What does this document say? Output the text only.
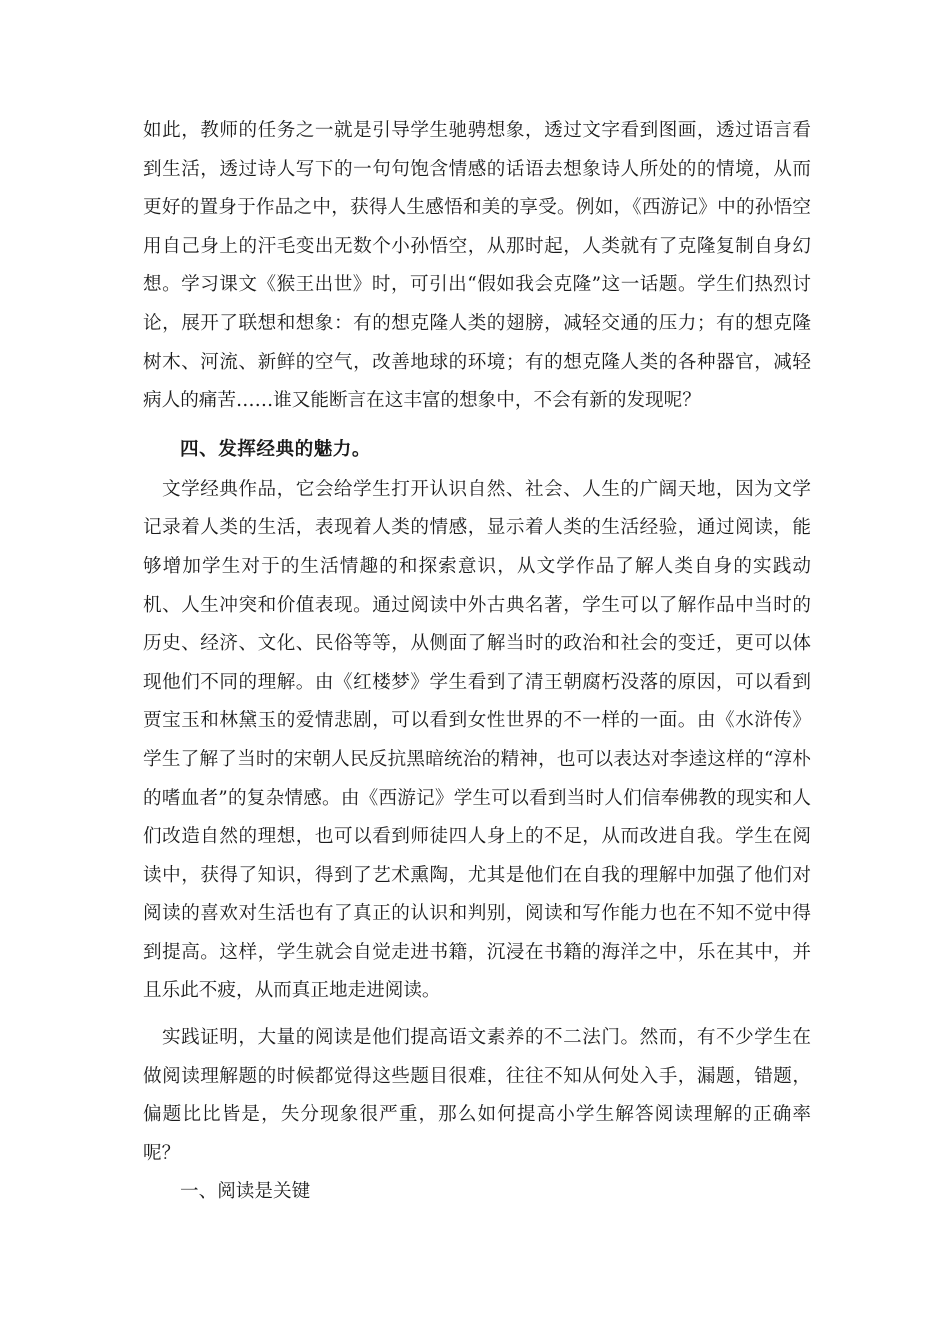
如此，教师的任务之一就是引导学生驰骋想象，透过文字看到图画，透过语言看到生活，透过诗人写下的一句句饱含情感的话语去想象诗人所处的的情境，从而更好的置身于作品之中，获得人生感悟和美的享受。例如，《西游记》中的孙悟空用自己身上的汗毛变出无数个小孙悟空，从那时起，人类就有了克隆复制自身幻想。学习课文《猴王出世》时，可引出“假如我会克隆”这一话题。学生们热烈讨论，展开了联想和想象：有的想克隆人类的翅膀，减轻交通的压力；有的想克隆树木、河流、新鲜的空气，改善地球的环境；有的想克隆人类的各种器官，减轻病人的痛苦……谁又能断言在这丰富的想象中，不会有新的发现呢？

四、发挥经典的魅力。

文学经典作品，它会给学生打开认识自然、社会、人生的广阔天地，因为文学记录着人类的生活，表现着人类的情感，显示着人类的生活经验，通过阅读，能够增加学生对于的生活情趣的和探索意识，从文学作品了解人类自身的实践动机、人生冲突和价值表现。通过阅读中外古典名著，学生可以了解作品中当时的历史、经济、文化、民俗等等，从侧面了解当时的政治和社会的变迁，更可以体现他们不同的理解。由《红楼梦》学生看到了清王朝腐朽没落的原因，可以看到贾宝玉和林黛玉的爱情悲剧，可以看到女性世界的不一样的一面。由《水浒传》学生了解了当时的宋朝人民反抗黑暗统治的精神，也可以表达对李逵这样的“淳朴的嗜血者”的复杂情感。由《西游记》学生可以看到当时人们信奉佛教的现实和人们改造自然的理想，也可以看到师徒四人身上的不足，从而改进自我。学生在阅读中，获得了知识，得到了艺术熏陶，尤其是他们在自我的理解中加强了他们对阅读的喜欢对生活也有了真正的认识和判别，阅读和写作能力也在不知不觉中得到提高。这样，学生就会自觉走进书籍，沉浸在书籍的海洋之中，乐在其中，并且乐此不疲，从而真正地走进阅读。

实践证明，大量的阅读是他们提高语文素养的不二法门。然而，有不少学生在做阅读理解题的时候都觉得这些题目很难，往往不知从何处入手，漏题，错题，偏题比比皆是，失分现象很严重，那么如何提高小学生解答阅读理解的正确率呢？

一、阅读是关键
